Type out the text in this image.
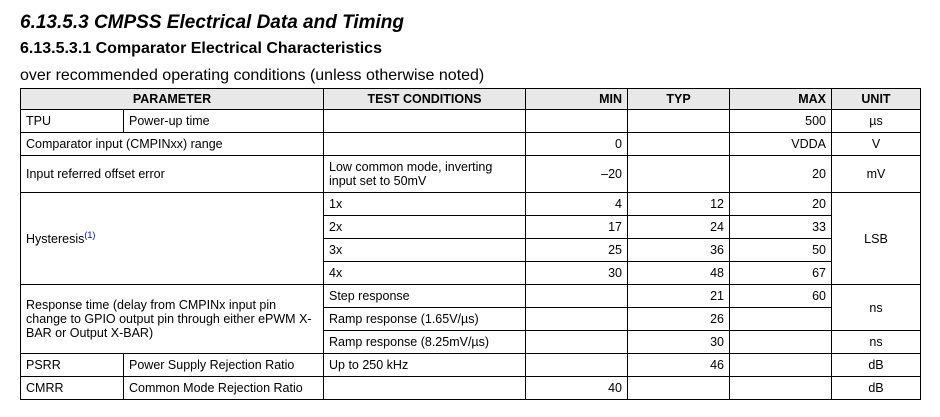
6.13.5.3 CMPSS Electrical Data and Timing
6.13.5.3.1 Comparator Electrical Characteristics

over recommended operating conditions (unless otherwise noted)

PARAMETER		TEST CONDITIONS	MIN	TYP	MAX	UNIT
TPU	Power-up time				500	µs
Comparator input (CMPINxx) range			0		VDDA	V
Input referred offset error		Low common mode, inverting input set to 50mV	–20		20	mV
Hysteresis$^{(1)}$		1x	4	12	20	LSB
		2x	17	24	33	
		3x	25	36	50	
		4x	30	48	67	
Response time (delay from CMPINx input pin change to GPIO output pin through either ePWM X-BAR or Output X-BAR)		Step response		21	60	ns
		Ramp response (1.65V/µs)		26		
		Ramp response (8.25mV/µs)		30		ns
PSRR	Power Supply Rejection Ratio	Up to 250 kHz		46		dB
CMRR	Common Mode Rejection Ratio		40			dB
